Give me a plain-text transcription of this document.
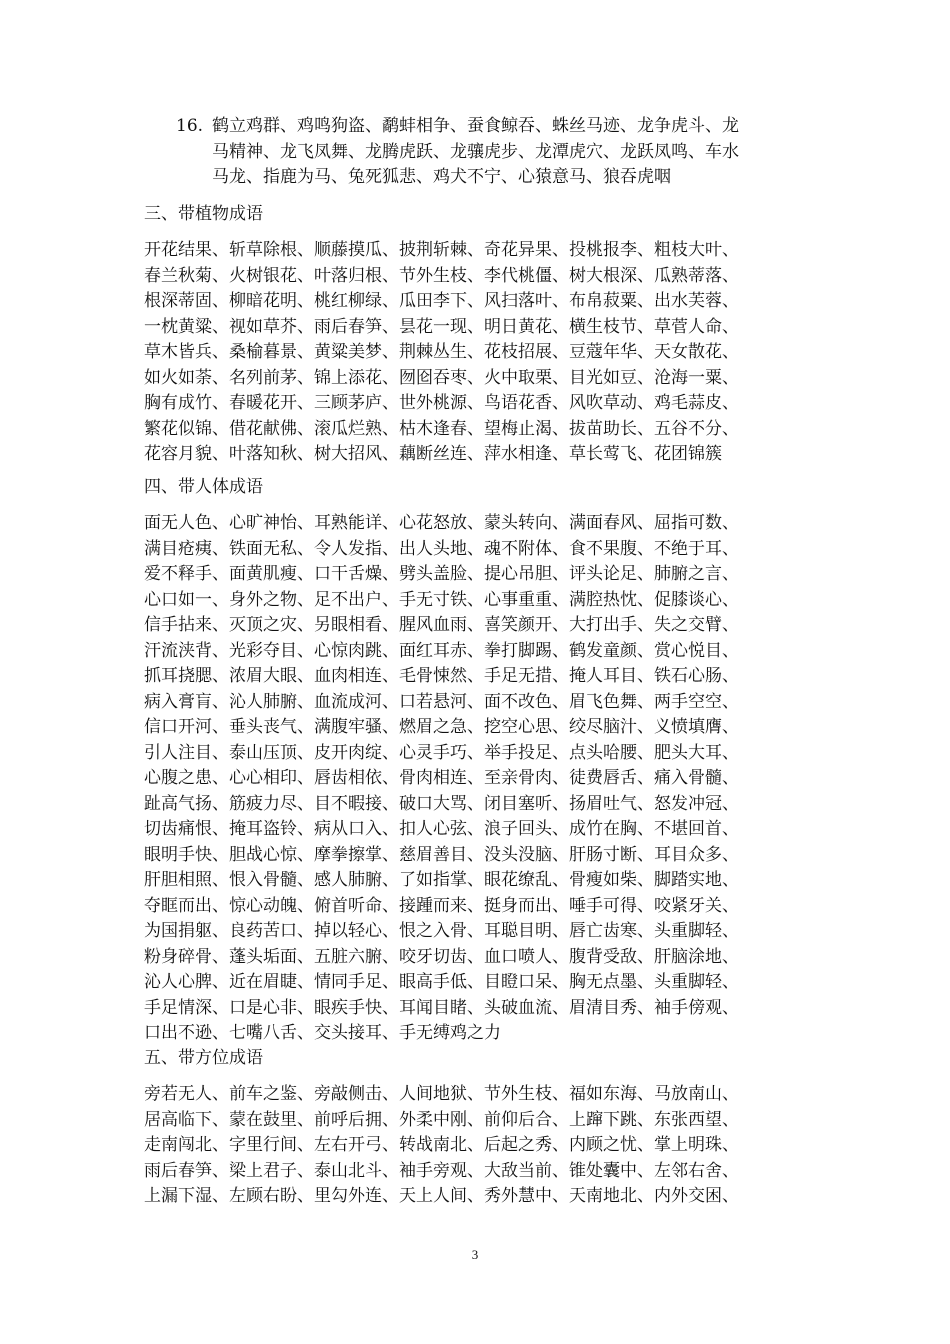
16. 鹤立鸡群、鸡鸣狗盗、鹬蚌相争、蚕食鲸吞、蛛丝马迹、龙争虎斗、龙
马精神、龙飞凤舞、龙腾虎跃、龙骧虎步、龙潭虎穴、龙跃凤鸣、车水
马龙、指鹿为马、兔死狐悲、鸡犬不宁、心猿意马、狼吞虎咽
三、带植物成语
开花结果、斩草除根、顺藤摸瓜、披荆斩棘、奇花异果、投桃报李、粗枝大叶、
春兰秋菊、火树银花、叶落归根、节外生枝、李代桃僵、树大根深、瓜熟蒂落、
根深蒂固、柳暗花明、桃红柳绿、瓜田李下、风扫落叶、布帛菽粟、出水芙蓉、
一枕黄粱、视如草芥、雨后春笋、昙花一现、明日黄花、横生枝节、草菅人命、
草木皆兵、桑榆暮景、黄粱美梦、荆棘丛生、花枝招展、豆蔻年华、天女散花、
如火如荼、名列前茅、锦上添花、囫囵吞枣、火中取栗、目光如豆、沧海一粟、
胸有成竹、春暖花开、三顾茅庐、世外桃源、鸟语花香、风吹草动、鸡毛蒜皮、
繁花似锦、借花献佛、滚瓜烂熟、枯木逢春、望梅止渴、拔苗助长、五谷不分、
花容月貌、叶落知秋、树大招风、藕断丝连、萍水相逢、草长莺飞、花团锦簇
四、带人体成语
面无人色、心旷神怡、耳熟能详、心花怒放、蒙头转向、满面春风、屈指可数、
满目疮痍、铁面无私、令人发指、出人头地、魂不附体、食不果腹、不绝于耳、
爱不释手、面黄肌瘦、口干舌燥、劈头盖脸、提心吊胆、评头论足、肺腑之言、
心口如一、身外之物、足不出户、手无寸铁、心事重重、满腔热忱、促膝谈心、
信手拈来、灭顶之灾、另眼相看、腥风血雨、喜笑颜开、大打出手、失之交臂、
汗流浃背、光彩夺目、心惊肉跳、面红耳赤、拳打脚踢、鹤发童颜、赏心悦目、
抓耳挠腮、浓眉大眼、血肉相连、毛骨悚然、手足无措、掩人耳目、铁石心肠、
病入膏肓、沁人肺腑、血流成河、口若悬河、面不改色、眉飞色舞、两手空空、
信口开河、垂头丧气、满腹牢骚、燃眉之急、挖空心思、绞尽脑汁、义愤填膺、
引人注目、泰山压顶、皮开肉绽、心灵手巧、举手投足、点头哈腰、肥头大耳、
心腹之患、心心相印、唇齿相依、骨肉相连、至亲骨肉、徒费唇舌、痛入骨髓、
趾高气扬、筋疲力尽、目不暇接、破口大骂、闭目塞听、扬眉吐气、怒发冲冠、
切齿痛恨、掩耳盗铃、病从口入、扣人心弦、浪子回头、成竹在胸、不堪回首、
眼明手快、胆战心惊、摩拳擦掌、慈眉善目、没头没脑、肝肠寸断、耳目众多、
肝胆相照、恨入骨髓、感人肺腑、了如指掌、眼花缭乱、骨瘦如柴、脚踏实地、
夺眶而出、惊心动魄、俯首听命、接踵而来、挺身而出、唾手可得、咬紧牙关、
为国捐躯、良药苦口、掉以轻心、恨之入骨、耳聪目明、唇亡齿寒、头重脚轻、
粉身碎骨、蓬头垢面、五脏六腑、咬牙切齿、血口喷人、腹背受敌、肝脑涂地、
沁人心脾、近在眉睫、情同手足、眼高手低、目瞪口呆、胸无点墨、头重脚轻、
手足情深、口是心非、眼疾手快、耳闻目睹、头破血流、眉清目秀、袖手傍观、
口出不逊、七嘴八舌、交头接耳、手无缚鸡之力
五、带方位成语
旁若无人、前车之鉴、旁敲侧击、人间地狱、节外生枝、福如东海、马放南山、
居高临下、蒙在鼓里、前呼后拥、外柔中刚、前仰后合、上蹿下跳、东张西望、
走南闯北、字里行间、左右开弓、转战南北、后起之秀、内顾之忧、掌上明珠、
雨后春笋、梁上君子、泰山北斗、袖手旁观、大敌当前、锥处囊中、左邻右舍、
上漏下湿、左顾右盼、里勾外连、天上人间、秀外慧中、天南地北、内外交困、
3
